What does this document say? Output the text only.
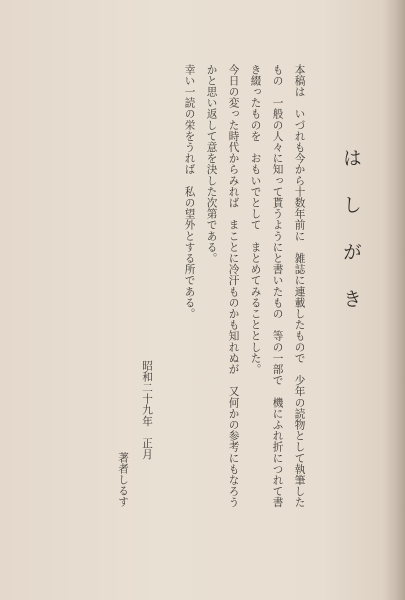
はしがき
本稿は　いづれも今から十数年前に　雑誌に連載したもので　少年の読物として執筆した
もの　一般の人々に知って貰うようにと書いたもの　等の一部で　機にふれ折につれて書
き綴ったものを　おもいでとして　まとめてみることとした。
今日の変った時代からみれば　まことに冷汗ものかも知れぬが　又何かの参考にもなろう
かと思い返して意を決した次第である。
幸い一読の栄をうれば　私の望外とする所である。
昭和二十九年　正月
著者しるす
